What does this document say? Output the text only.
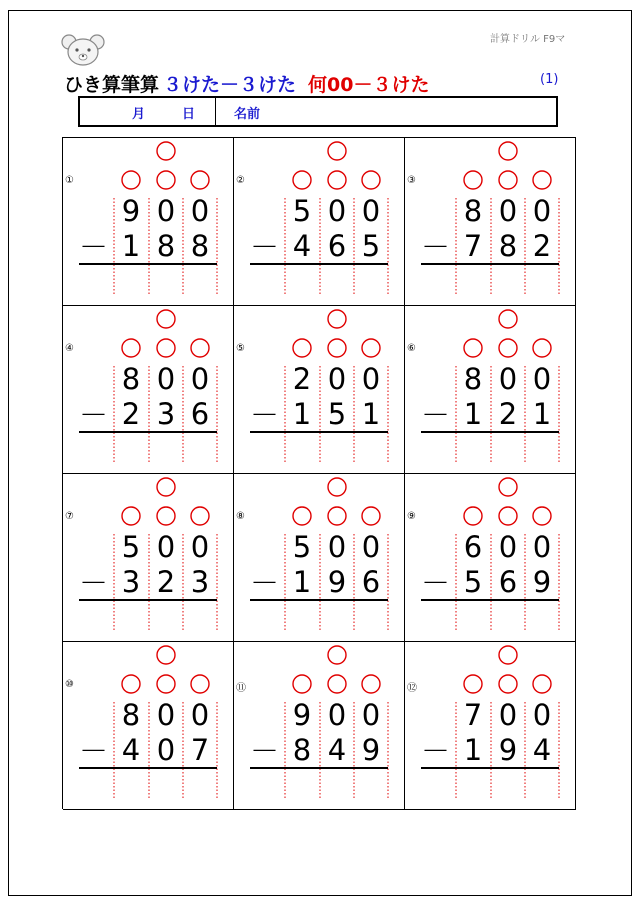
計算ドリル F9マ
ひき算筆算 ３けた－３けた 何00－３けた	(1)
月	日	名前
①
9 0 0
－ 1 8 8
②
5 0 0
－ 4 6 5
③
8 0 0
－ 7 8 2
④
8 0 0
－ 2 3 6
⑤
2 0 0
－ 1 5 1
⑥
8 0 0
－ 1 2 1
⑦
5 0 0
－ 3 2 3
⑧
5 0 0
－ 1 9 6
⑨
6 0 0
－ 5 6 9
⑩
8 0 0
－ 4 0 7
⑪
9 0 0
－ 8 4 9
⑫
7 0 0
－ 1 9 4
